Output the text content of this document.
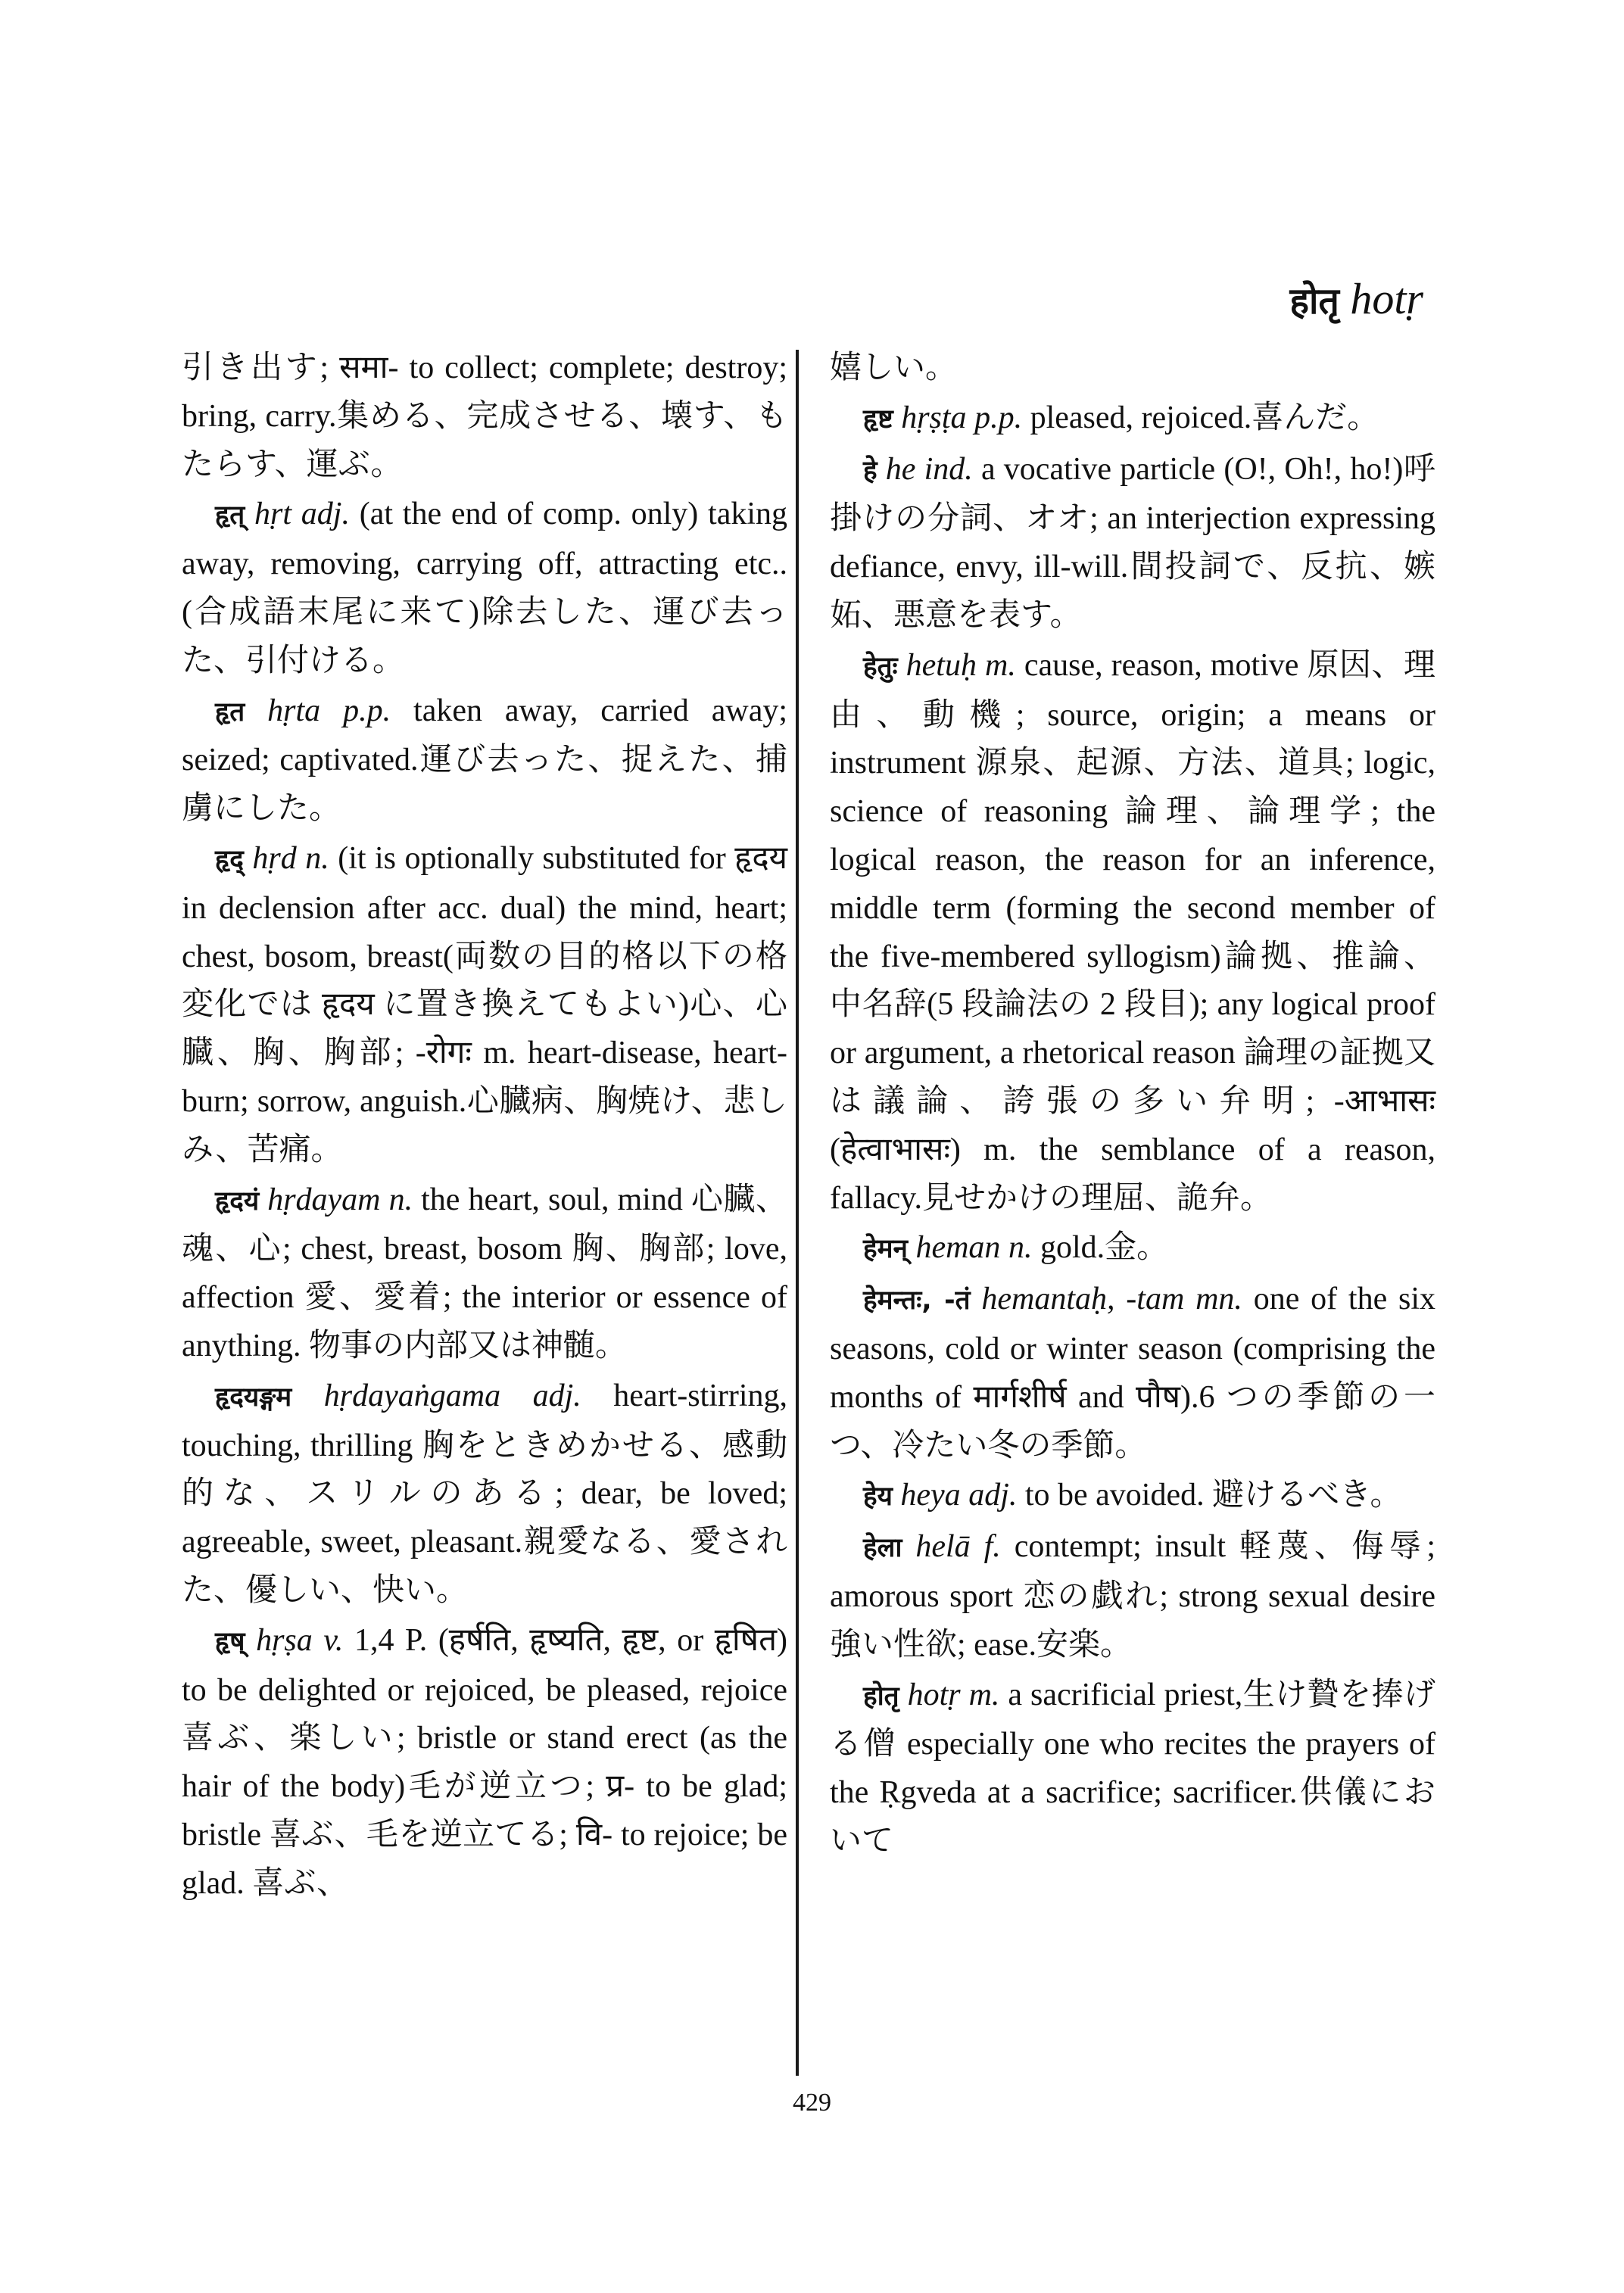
होतृ hotṛ

引き出す; समा- to collect; complete; destroy; bring, carry.集める、完成させる、壊す、もたらす、運ぶ。

हृत् hṛt adj. (at the end of comp. only) taking away, removing, carrying off, attracting etc..(合成語末尾に来て)除去した、運び去った、引付ける。

हृत hṛta p.p. taken away, carried away; seized; captivated.運び去った、捉えた、捕虜にした。

हृद् hṛd n. (it is optionally substituted for हृदय in declension after acc. dual) the mind, heart; chest, bosom, breast(両数の目的格以下の格変化では हृदय に置き換えてもよい)心、心臓、胸、胸部; -रोगः m. heart-disease, heart-burn; sorrow, anguish.心臓病、胸焼け、悲しみ、苦痛。

हृदयं hṛdayam n. the heart, soul, mind 心臓、魂、心; chest, breast, bosom 胸、胸部; love, affection 愛、愛着; the interior or essence of anything. 物事の内部又は神髄。

हृदयङ्गम hṛdayaṅgama adj. heart-stirring, touching, thrilling 胸をときめかせる、感動的な、スリルのある; dear, be loved; agreeable, sweet, pleasant.親愛なる、愛された、優しい、快い。

हृष् hṛṣa v. 1,4 P. (हर्षति, हृष्यति, हृष्ट, or हृषित) to be delighted or rejoiced, be pleased, rejoice 喜ぶ、楽しい; bristle or stand erect (as the hair of the body)毛が逆立つ; प्र- to be glad; bristle 喜ぶ、毛を逆立てる; वि- to rejoice; be glad. 喜ぶ、

嬉しい。

हृष्ट hṛṣṭa p.p. pleased, rejoiced.喜んだ。

हे he ind. a vocative particle (O!, Oh!, ho!)呼掛けの分詞、オオ; an interjection expressing defiance, envy, ill-will.間投詞で、反抗、嫉妬、悪意を表す。

हेतुः hetuḥ m. cause, reason, motive 原因、理由、動機; source, origin; a means or instrument 源泉、起源、方法、道具; logic, science of reasoning 論理、論理学; the logical reason, the reason for an inference, middle term (forming the second member of the five-membered syllogism)論拠、推論、中名辞(5 段論法の 2 段目); any logical proof or argument, a rhetorical reason 論理の証拠又は議論、誇張の多い弁明; -आभासः (हेत्वाभासः) m. the semblance of a reason, fallacy.見せかけの理屈、詭弁。

हेमन् heman n. gold.金。

हेमन्तः, -तं hemantaḥ, -tam mn. one of the six seasons, cold or winter season (comprising the months of मार्गशीर्ष and पौष).6 つの季節の一つ、冷たい冬の季節。

हेय heya adj. to be avoided. 避けるべき。

हेला helā f. contempt; insult 軽蔑、侮辱; amorous sport 恋の戯れ; strong sexual desire 強い性欲; ease.安楽。

होतृ hotṛ m. a sacrificial priest,生け贄を捧げる僧 especially one who recites the prayers of the Ṛgveda at a sacrifice; sacrificer.供儀において

429
